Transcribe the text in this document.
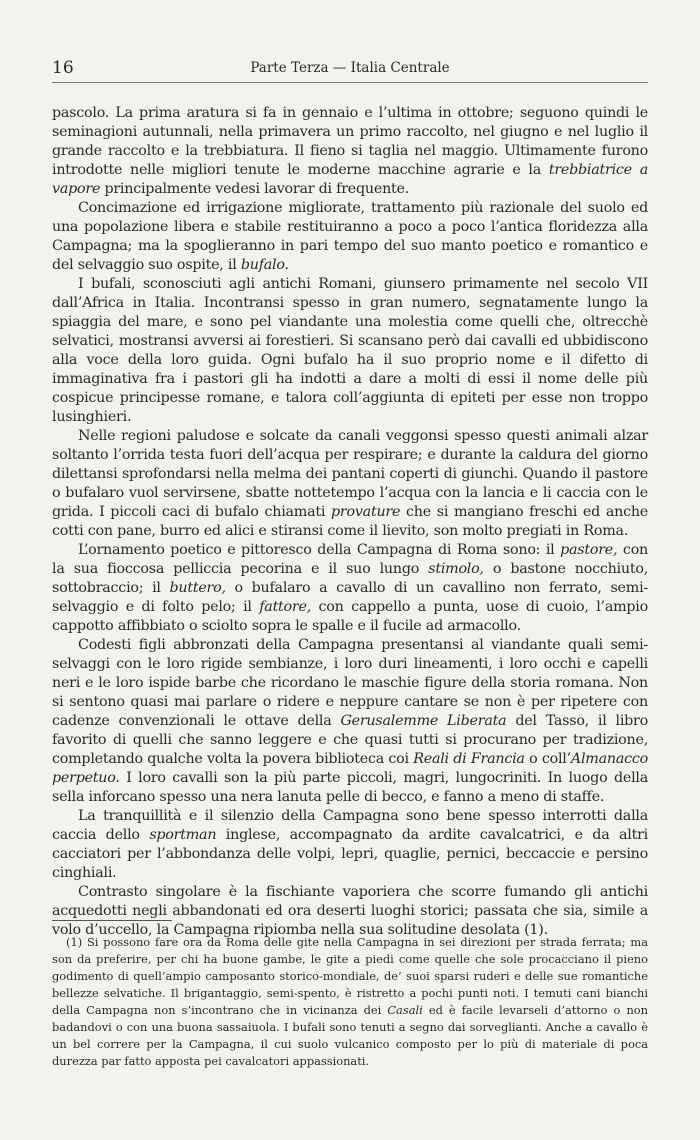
16	Parte Terza — Italia Centrale

pascolo. La prima aratura si fa in gennaio e l’ultima in ottobre; seguono quindi le seminagioni autunnali, nella primavera un primo raccolto, nel giugno e nel luglio il grande raccolto e la trebbiatura. Il fieno si taglia nel maggio. Ultimamente furono introdotte nelle migliori tenute le moderne macchine agrarie e la trebbiatrice a vapore principalmente vedesi lavorar di frequente.

Concimazione ed irrigazione migliorate, trattamento più razionale del suolo ed una popolazione libera e stabile restituiranno a poco a poco l’antica floridezza alla Campagna; ma la spoglieranno in pari tempo del suo manto poetico e romantico e del selvaggio suo ospite, il bufalo.

I bufali, sconosciuti agli antichi Romani, giunsero primamente nel secolo VII dall’Africa in Italia. Incontransi spesso in gran numero, segnatamente lungo la spiaggia del mare, e sono pel viandante una molestia come quelli che, oltrecchè selvatici, mostransi avversi ai forestieri. Si scansano però dai cavalli ed ubbidiscono alla voce della loro guida. Ogni bufalo ha il suo proprio nome e il difetto di immaginativa fra i pastori gli ha indotti a dare a molti di essi il nome delle più cospicue principesse romane, e talora coll’aggiunta di epiteti per esse non troppo lusinghieri.

Nelle regioni paludose e solcate da canali veggonsi spesso questi animali alzar soltanto l’orrida testa fuori dell’acqua per respirare; e durante la caldura del giorno dilettansi sprofondarsi nella melma dei pantani coperti di giunchi. Quando il pastore o bufalaro vuol servirsene, sbatte nottetempo l’acqua con la lancia e li caccia con le grida. I piccoli caci di bufalo chiamati provature che si mangiano freschi ed anche cotti con pane, burro ed alici e stiransi come il lievito, son molto pregiati in Roma.

L’ornamento poetico e pittoresco della Campagna di Roma sono: il pastore, con la sua fioccosa pelliccia pecorina e il suo lungo stimolo, o bastone nocchiuto, sottobraccio; il buttero, o bufalaro a cavallo di un cavallino non ferrato, semi-selvaggio e di folto pelo; il fattore, con cappello a punta, uose di cuoio, l’ampio cappotto affibbiato o sciolto sopra le spalle e il fucile ad armacollo.

Codesti figli abbronzati della Campagna presentansi al viandante quali semi-selvaggi con le loro rigide sembianze, i loro duri lineamenti, i loro occhi e capelli neri e le loro ispide barbe che ricordano le maschie figure della storia romana. Non si sentono quasi mai parlare o ridere e neppure cantare se non è per ripetere con cadenze convenzionali le ottave della Gerusalemme Liberata del Tasso, il libro favorito di quelli che sanno leggere e che quasi tutti si procurano per tradizione, completando qualche volta la povera biblioteca coi Reali di Francia o coll’Almanacco perpetuo. I loro cavalli son la più parte piccoli, magri, lungocriniti. In luogo della sella inforcano spesso una nera lanuta pelle di becco, e fanno a meno di staffe.

La tranquillità e il silenzio della Campagna sono bene spesso interrotti dalla caccia dello sportman inglese, accompagnato da ardite cavalcatrici, e da altri cacciatori per l’abbondanza delle volpi, lepri, quaglie, pernici, beccaccie e persino cinghiali.

Contrasto singolare è la fischiante vaporiera che scorre fumando gli antichi acquedotti negli abbandonati ed ora deserti luoghi storici; passata che sia, simile a volo d’uccello, la Campagna ripiomba nella sua solitudine desolata (1).

(1) Si possono fare ora da Roma delle gite nella Campagna in sei direzioni per strada ferrata; ma son da preferire, per chi ha buone gambe, le gite a piedi come quelle che sole procacciano il pieno godimento di quell’ampio camposanto storico-mondiale, de’ suoi sparsi ruderi e delle sue romantiche bellezze selvatiche. Il brigantaggio, semi-spento, è ristretto a pochi punti noti. I temuti cani bianchi della Campagna non s’incontrano che in vicinanza dei Casali ed è facile levarseli d’attorno o non badandovi o con una buona sassaiuola. I bufali sono tenuti a segno dai sorveglianti. Anche a cavallo è un bel correre per la Campagna, il cui suolo vulcanico composto per lo più di materiale di poca durezza par fatto apposta pei cavalcatori appassionati.
